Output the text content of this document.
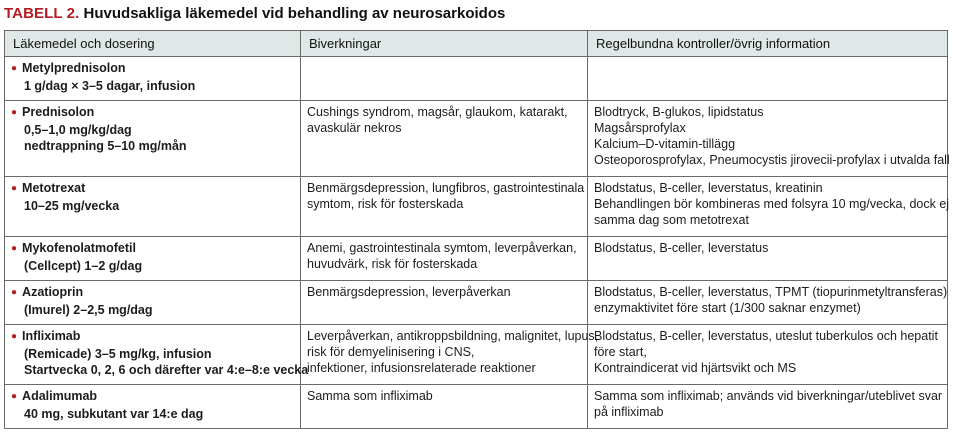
TABELL 2. Huvudsakliga läkemedel vid behandling av neurosarkoidos
Läkemedel och dosering	Biverkningar	Regelbundna kontroller/övrig information

● Metylprednisolon
1 g/dag × 3–5 dagar, infusion

● Prednisolon
0,5–1,0 mg/kg/dag
nedtrappning 5–10 mg/mån	Cushings syndrom, magsår, glaukom, katarakt,
avaskulär nekros	Blodtryck, B-glukos, lipidstatus
Magsårsprofylax
Kalcium–D-vitamin-tillägg
Osteoporosprofylax, Pneumocystis jirovecii-profylax i utvalda fall

● Metotrexat
10–25 mg/vecka	Benmärgsdepression, lungfibros, gastrointestinala
symtom, risk för fosterskada	Blodstatus, B-celler, leverstatus, kreatinin
Behandlingen bör kombineras med folsyra 10 mg/vecka, dock ej
samma dag som metotrexat

● Mykofenolatmofetil
(Cellcept) 1–2 g/dag	Anemi, gastrointestinala symtom, leverpåverkan,
huvudvärk, risk för fosterskada	Blodstatus, B-celler, leverstatus

● Azatioprin
(Imurel) 2–2,5 mg/dag	Benmärgsdepression, leverpåverkan	Blodstatus, B-celler, leverstatus, TPMT (tiopurinmetyltransferas)
enzymaktivitet före start (1/300 saknar enzymet)

● Infliximab
(Remicade) 3–5 mg/kg, infusion
Startvecka 0, 2, 6 och därefter var 4:e–8:e vecka	Leverpåverkan, antikroppsbildning, malignitet, lupus,
risk för demyelinisering i CNS,
infektioner, infusionsrelaterade reaktioner	Blodstatus, B-celler, leverstatus, uteslut tuberkulos och hepatit
före start,
Kontraindicerat vid hjärtsvikt och MS

● Adalimumab
40 mg, subkutant var 14:e dag	Samma som infliximab	Samma som infliximab; används vid biverkningar/uteblivet svar
på infliximab
